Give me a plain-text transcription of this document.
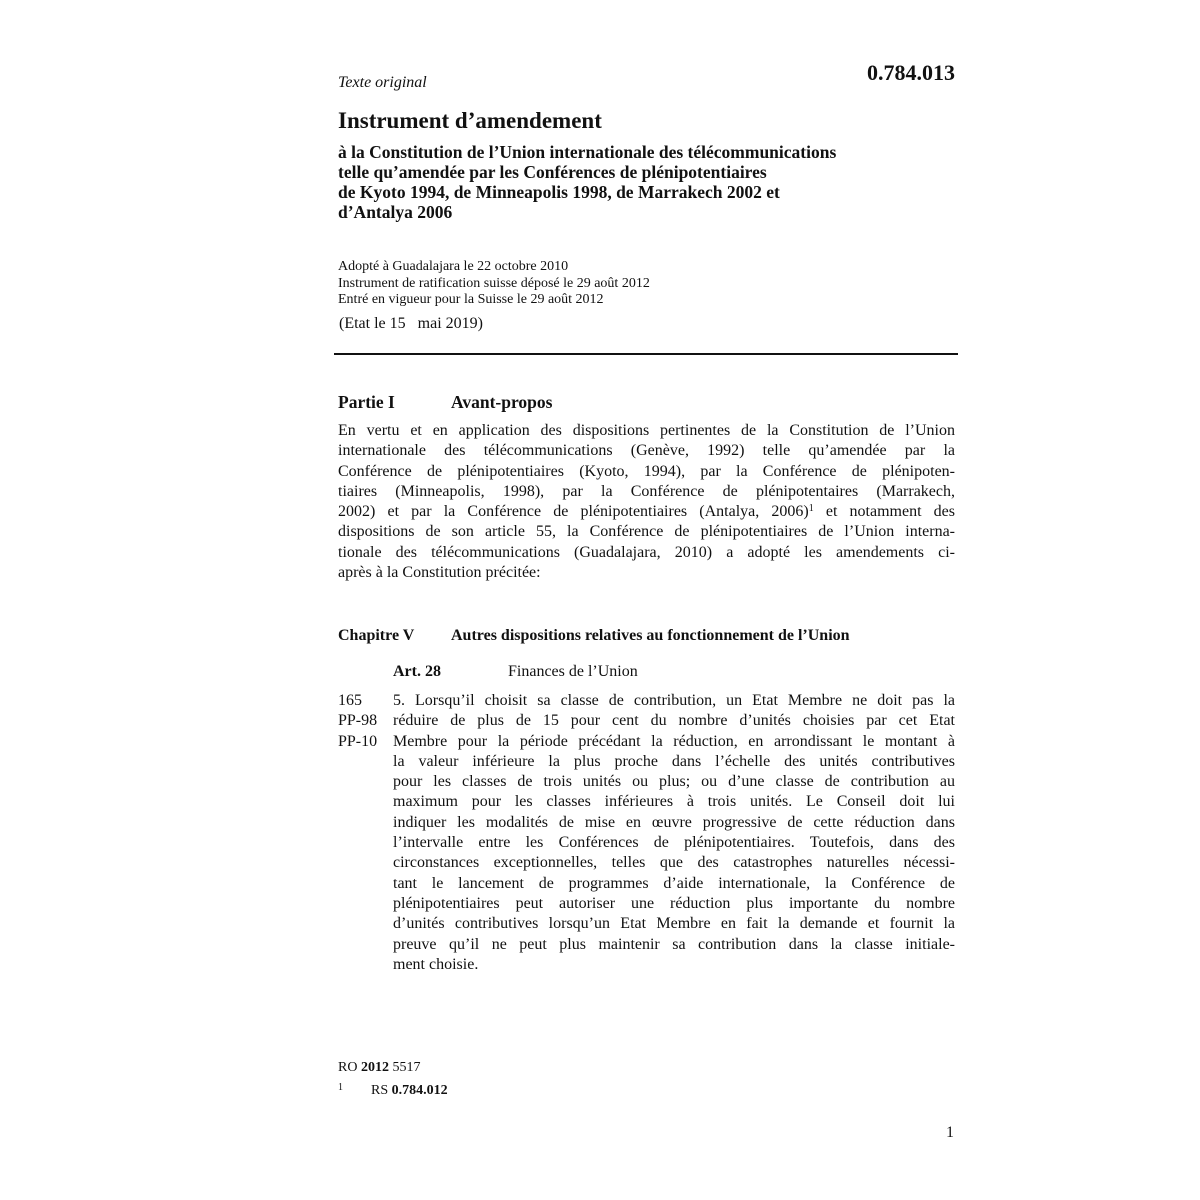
Texte original	0.784.013
Instrument d’amendement
à la Constitution de l’Union internationale des télécommunications
telle qu’amendée par les Conférences de plénipotentiaires
de Kyoto 1994, de Minneapolis 1998, de Marrakech 2002 et
d’Antalya 2006
Adopté à Guadalajara le 22 octobre 2010
Instrument de ratification suisse déposé le 29 août 2012
Entré en vigueur pour la Suisse le 29 août 2012
(Etat le 15   mai 2019)
Partie I	Avant-propos
En vertu et en application des dispositions pertinentes de la Constitution de l’Union
internationale des télécommunications (Genève, 1992) telle qu’amendée par la
Conférence de plénipotentiaires (Kyoto, 1994), par la Conférence de plénipoten-
tiaires (Minneapolis, 1998), par la Conférence de plénipotentaires (Marrakech,
2002) et par la Conférence de plénipotentiaires (Antalya, 2006)$^1$ et notamment des
dispositions de son article 55, la Conférence de plénipotentiaires de l’Union interna-
tionale des télécommunications (Guadalajara, 2010) a adopté les amendements ci-
après à la Constitution précitée:
Chapitre V Autres dispositions relatives au fonctionnement de l’Union
Art. 28	Finances de l’Union
165
PP-98
PP-10
5. Lorsqu’il choisit sa classe de contribution, un Etat Membre ne doit pas la
réduire de plus de 15 pour cent du nombre d’unités choisies par cet Etat
Membre pour la période précédant la réduction, en arrondissant le montant à
la valeur inférieure la plus proche dans l’échelle des unités contributives
pour les classes de trois unités ou plus; ou d’une classe de contribution au
maximum pour les classes inférieures à trois unités. Le Conseil doit lui
indiquer les modalités de mise en œuvre progressive de cette réduction dans
l’intervalle entre les Conférences de plénipotentiaires. Toutefois, dans des
circonstances exceptionnelles, telles que des catastrophes naturelles nécessi-
tant le lancement de programmes d’aide internationale, la Conférence de
plénipotentiaires peut autoriser une réduction plus importante du nombre
d’unités contributives lorsqu’un Etat Membre en fait la demande et fournit la
preuve qu’il ne peut plus maintenir sa contribution dans la classe initiale-
ment choisie.
RO 2012 5517
1 RS 0.784.012
1
